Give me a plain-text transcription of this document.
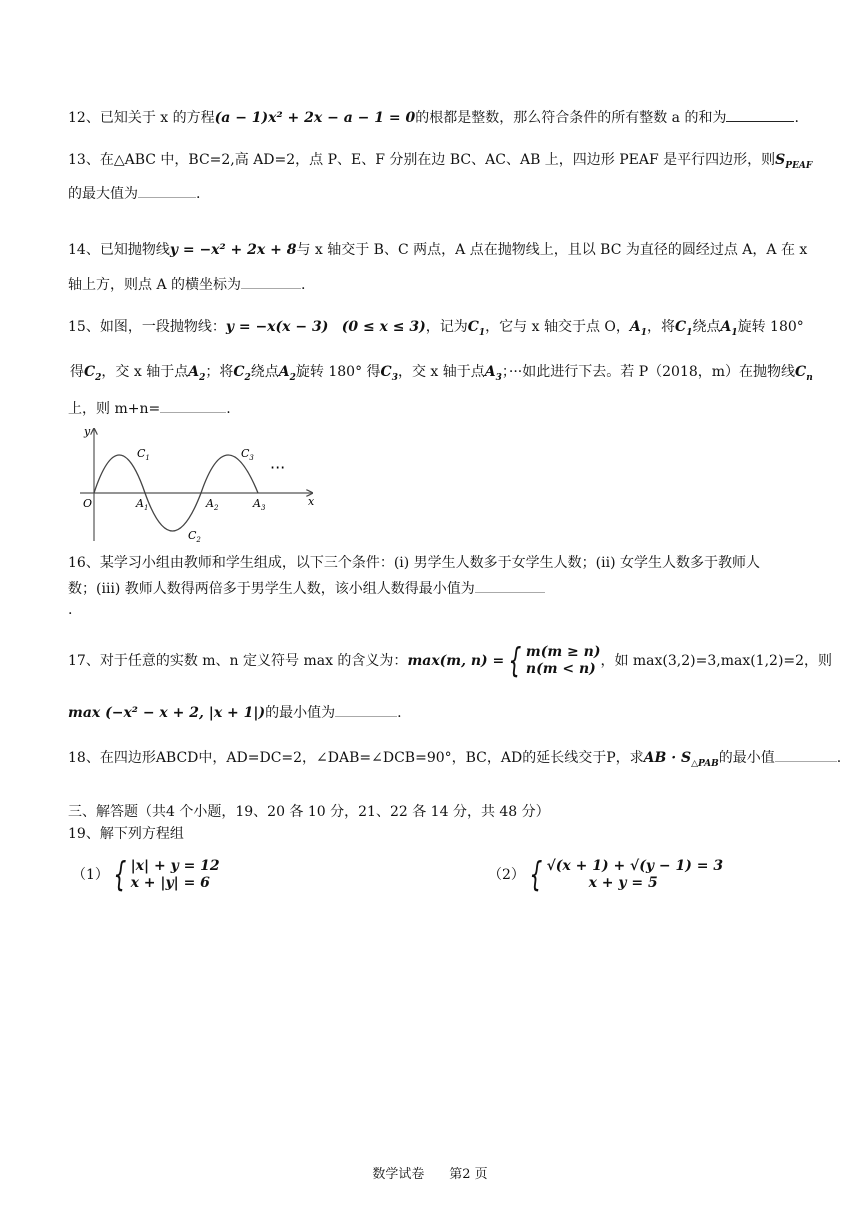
12、已知关于 x 的方程(a − 1)x² + 2x − a − 1 = 0的根都是整数，那么符合条件的所有整数 a 的和为	.
13、在△ABC 中，BC=2,高 AD=2，点 P、E、F 分别在边 BC、AC、AB 上，四边形 PEAF 是平行四边形，则$S_{PEAF}$
的最大值为	.
14、已知抛物线y = −x² + 2x + 8与 x 轴交于 B、C 两点，A 点在抛物线上，且以 BC 为直径的圆经过点 A，A 在 x
轴上方，则点 A 的横坐标为	.
15、如图，一段抛物线：y = −x(x − 3) (0 ≤ x ≤ 3)，记为$C_1$，它与 x 轴交于点 O，$A_1$，将$C_1$绕点$A_1$旋转 180°
得$C_2$，交 x 轴于点$A_2$；将$C_2$绕点$A_2$旋转 180° 得$C_3$，交 x 轴于点$A_3$；···如此进行下去。若 P（2018，m）在抛物线$C_n$
上，则 m+n=	.
y
x
O
$C_1$
$C_2$
$C_3$
$A_1$	$A_2$	$A_3$
···
16、某学习小组由教师和学生组成，以下三个条件：(ⅰ) 男学生人数多于女学生人数；(ⅱ) 女学生人数多于教师人
数；(ⅲ) 教师人数得两倍多于男学生人数，该小组人数得最小值为
.
17、对于任意的实数 m、n 定义符号 max 的含义为：max(m, n) = { m(m ≥ n)
n(m < n) ，如 max(3,2)=3,max(1,2)=2，则
max (−x² − x + 2, |x + 1|)的最小值为	.
18、在四边形ABCD中，AD=DC=2，∠DAB=∠DCB=90°，BC，AD的延长线交于P，求AB · $S_{\triangle PAB}$的最小值	.
三、解答题（共4 个小题，19、20 各 10 分，21、22 各 14 分，共 48 分）
19、解下列方程组
（1） { |x| + y = 12
x + |y| = 6	（2） { √(x + 1) + √(y − 1) = 3
x + y = 5
数学试卷 第2 页
